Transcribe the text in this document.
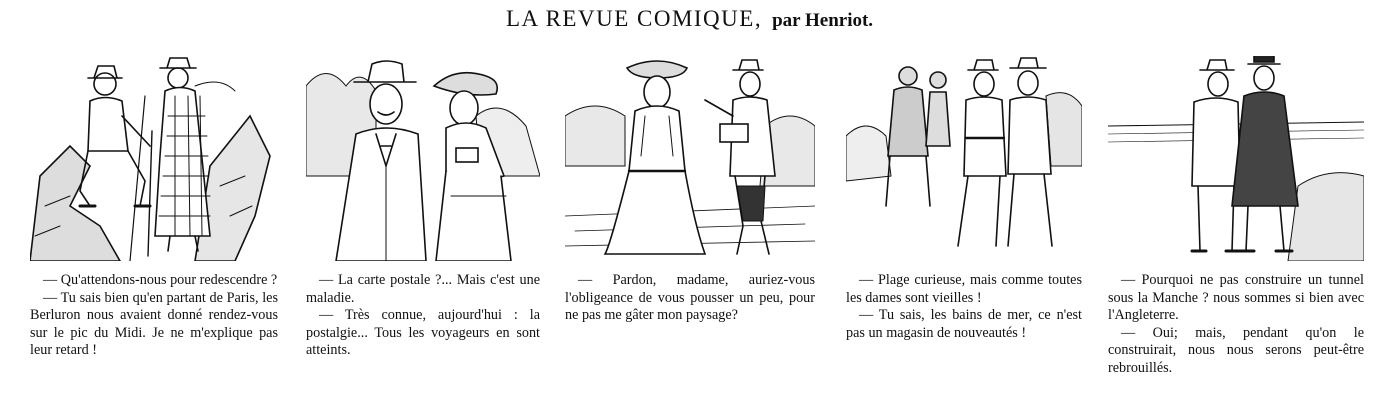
LA REVUE COMIQUE, par Henriot.

— Qu'attendons-nous pour redescendre ?

— Tu sais bien qu'en partant de Paris, les Berluron nous avaient donné rendez-vous sur le pic du Midi. Je ne m'explique pas leur retard !

— La carte postale ?... Mais c'est une maladie.

— Très connue, aujourd'hui : la postalgie... Tous les voyageurs en sont atteints.

— Pardon, madame, auriez-vous l'obligeance de vous pousser un peu, pour ne pas me gâter mon paysage?

— Plage curieuse, mais comme toutes les dames sont vieilles !

— Tu sais, les bains de mer, ce n'est pas un magasin de nouveautés !

— Pourquoi ne pas construire un tunnel sous la Manche ? nous sommes si bien avec l'Angleterre.

— Oui; mais, pendant qu'on le construirait, nous nous serons peut-être rebrouillés.
